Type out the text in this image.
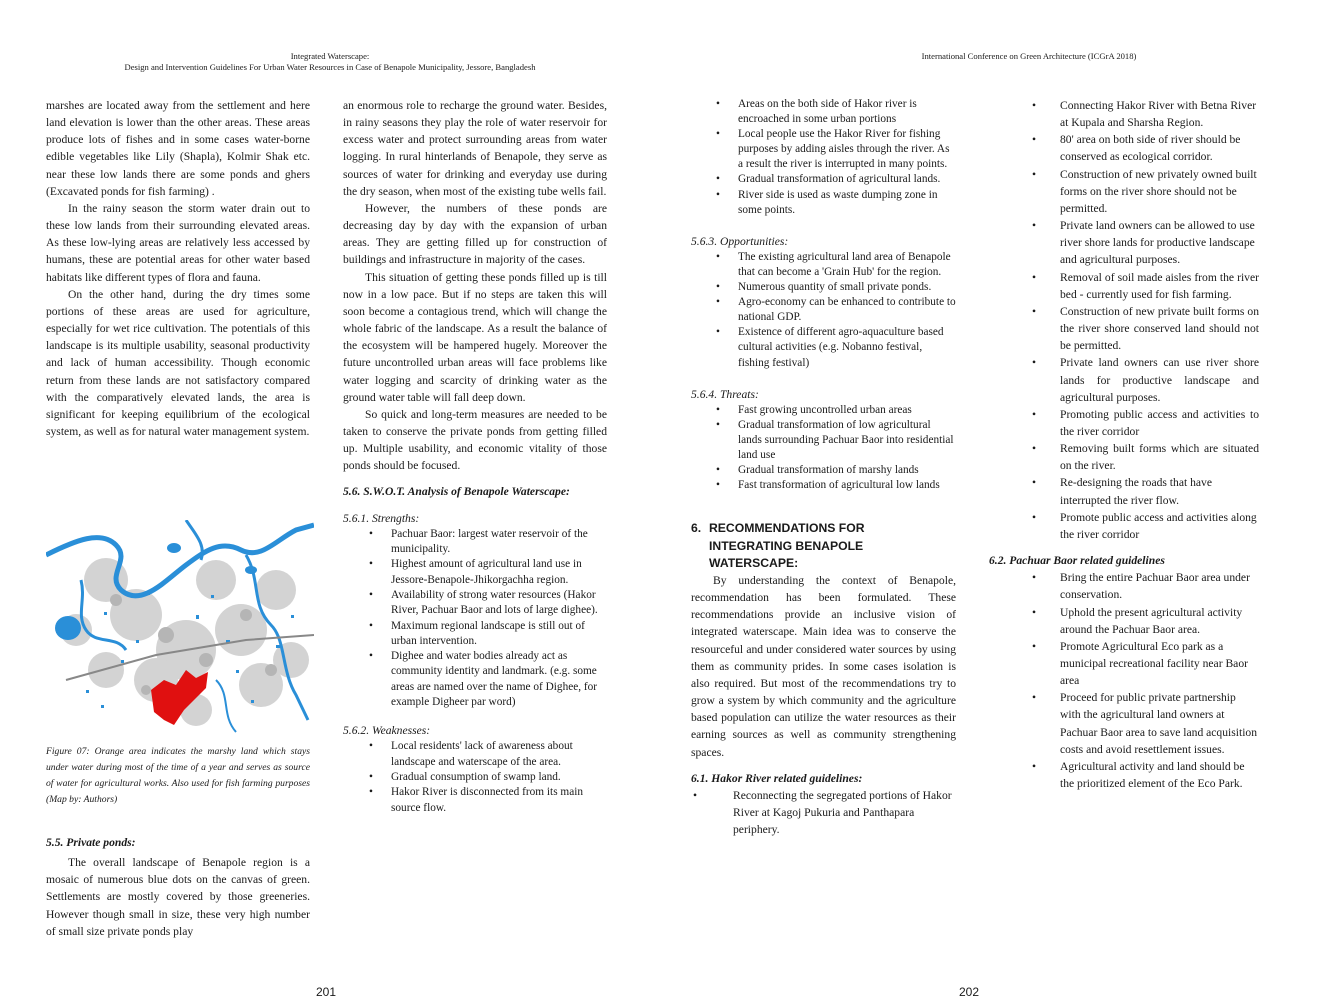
Integrated Waterscape:
Design and Intervention Guidelines For Urban Water Resources in Case of Benapole Municipality, Jessore, Bangladesh

marshes are located away from the settlement and here land elevation is lower than the other areas. These areas produce lots of fishes and in some cases water-borne edible vegetables like Lily (Shapla), Kolmir Shak etc. near these low lands there are some ponds and ghers (Excavated ponds for fish farming) .

In the rainy season the storm water drain out to these low lands from their surrounding elevated areas. As these low-lying areas are relatively less accessed by humans, these are potential areas for other water based habitats like different types of flora and fauna.

On the other hand, during the dry times some portions of these areas are used for agriculture, especially for wet rice cultivation. The potentials of this landscape is its multiple usability, seasonal productivity and lack of human accessibility. Though economic return from these lands are not satisfactory compared with the comparatively elevated lands, the area is significant for keeping equilibrium of the ecological system, as well as for natural water management system.

Figure 07: Orange area indicates the marshy land which stays under water during most of the time of a year and serves as source of water for agricultural works. Also used for fish farming purposes (Map by: Authors)

5.5. Private ponds:

The overall landscape of Benapole region is a mosaic of numerous blue dots on the canvas of green. Settlements are mostly covered by those greeneries. However though small in size, these very high number of small size private ponds play

an enormous role to recharge the ground water. Besides, in rainy seasons they play the role of water reservoir for excess water and protect surrounding areas from water logging. In rural hinterlands of Benapole, they serve as sources of water for drinking and everyday use during the dry season, when most of the existing tube wells fail.

However, the numbers of these ponds are decreasing day by day with the expansion of urban areas. They are getting filled up for construction of buildings and infrastructure in majority of the cases.

This situation of getting these ponds filled up is till now in a low pace. But if no steps are taken this will soon become a contagious trend, which will change the whole fabric of the landscape. As a result the balance of the ecosystem will be hampered hugely. Moreover the future uncontrolled urban areas will face problems like water logging and scarcity of drinking water as the ground water table will fall deep down.

So quick and long-term measures are needed to be taken to conserve the private ponds from getting filled up. Multiple usability, and economic vitality of those ponds should be focused.

5.6. S.W.O.T. Analysis of Benapole Waterscape:

5.6.1. Strengths:

• Pachuar Baor: largest water reservoir of the municipality.
• Highest amount of agricultural land use in Jessore-Benapole-Jhikorgachha region.
• Availability of strong water resources (Hakor River, Pachuar Baor and lots of large dighee).
• Maximum regional landscape is still out of urban intervention.
• Dighee and water bodies already act as community identity and landmark. (e.g. some areas are named over the name of Dighee, for example Digheer par word)

5.6.2. Weaknesses:

• Local residents' lack of awareness about landscape and waterscape of the area.
• Gradual consumption of swamp land.
• Hakor River is disconnected from its main source flow.
201
International Conference on Green Architecture (ICGrA 2018)
• Areas on the both side of Hakor river is encroached in some urban portions
• Local people use the Hakor River for fishing purposes by adding aisles through the river. As a result the river is interrupted in many points.
• Gradual transformation of agricultural lands.
• River side is used as waste dumping zone in some points.

5.6.3. Opportunities:

• The existing agricultural land area of Benapole that can become a 'Grain Hub' for the region.
• Numerous quantity of small private ponds.
• Agro-economy can be enhanced to contribute to national GDP.
• Existence of different agro-aquaculture based cultural activities (e.g. Nobanno festival, fishing festival)

5.6.4. Threats:

• Fast growing uncontrolled urban areas
• Gradual transformation of low agricultural lands surrounding Pachuar Baor into residential land use
• Gradual transformation of marshy lands
• Fast transformation of agricultural low lands
6. RECOMMENDATIONS FOR
INTEGRATING BENAPOLE
WATERSCAPE:

By understanding the context of Benapole, recommendation has been formulated. These recommendations provide an inclusive vision of integrated waterscape. Main idea was to conserve the resourceful and under considered water sources by using them as community prides. In some cases isolation is also required. But most of the recommendations try to grow a system by which community and the agriculture based population can utilize the water resources as their earning sources as well as community strengthening spaces.

6.1. Hakor River related guidelines:

•	Reconnecting the segregated portions of Hakor River at Kagoj Pukuria and Panthapara periphery.
• Connecting Hakor River with Betna River at Kupala and Sharsha Region.
• 80' area on both side of river should be conserved as ecological corridor.
• Construction of new privately owned built forms on the river shore should not be permitted.
• Private land owners can be allowed to use river shore lands for productive landscape and agricultural purposes.
• Removal of soil made aisles from the river bed - currently used for fish farming.
• Construction of new private built forms on the river shore conserved land should not be permitted.
• Private land owners can use river shore lands for productive landscape and agricultural purposes.
• Promoting public access and activities to the river corridor
• Removing built forms which are situated on the river.
• Re-designing the roads that have interrupted the river flow.
• Promote public access and activities along the river corridor

6.2. Pachuar Baor related guidelines

• Bring the entire Pachuar Baor area under conservation.
• Uphold the present agricultural activity around the Pachuar Baor area.
• Promote Agricultural Eco park as a municipal recreational facility near Baor area
• Proceed for public private partnership with the agricultural land owners at Pachuar Baor area to save land acquisition costs and avoid resettlement issues.
• Agricultural activity and land should be the prioritized element of the Eco Park.
202
